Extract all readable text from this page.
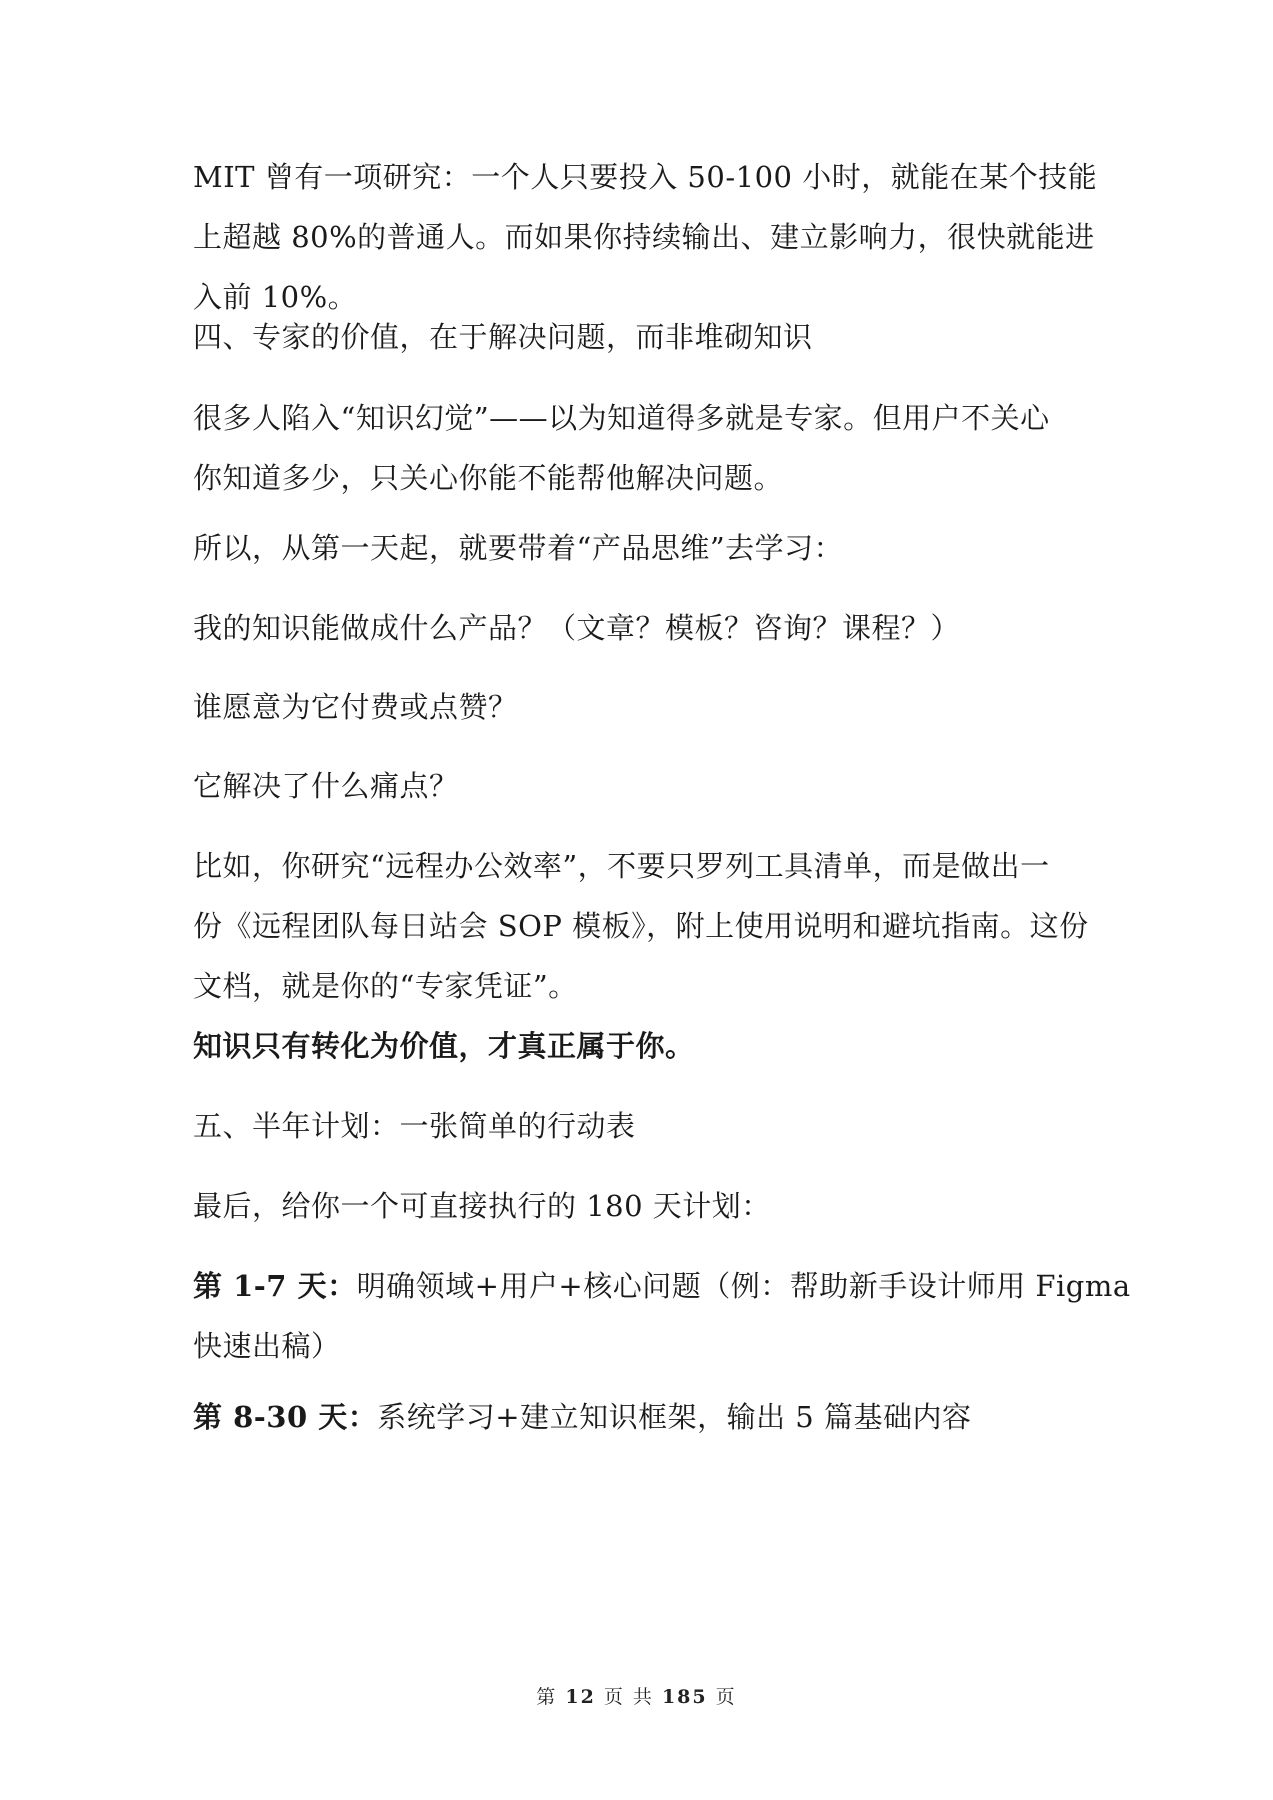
MIT 曾有一项研究：一个人只要投入 50-100 小时，就能在某个技能
上超越 80%的普通人。而如果你持续输出、建立影响力，很快就能进
入前 10%。

四、专家的价值，在于解决问题，而非堆砌知识

很多人陷入“知识幻觉”——以为知道得多就是专家。但用户不关心
你知道多少，只关心你能不能帮他解决问题。

所以，从第一天起，就要带着“产品思维”去学习：

我的知识能做成什么产品？（文章？模板？咨询？课程？）

谁愿意为它付费或点赞？

它解决了什么痛点？

比如，你研究“远程办公效率”，不要只罗列工具清单，而是做出一
份《远程团队每日站会 SOP 模板》，附上使用说明和避坑指南。这份
文档，就是你的“专家凭证”。

知识只有转化为价值，才真正属于你。

五、半年计划：一张简单的行动表

最后，给你一个可直接执行的 180 天计划：

第 1-7 天：明确领域+用户+核心问题（例：帮助新手设计师用 Figma
快速出稿）

第 8-30 天：系统学习+建立知识框架，输出 5 篇基础内容

第 12 页 共 185 页
